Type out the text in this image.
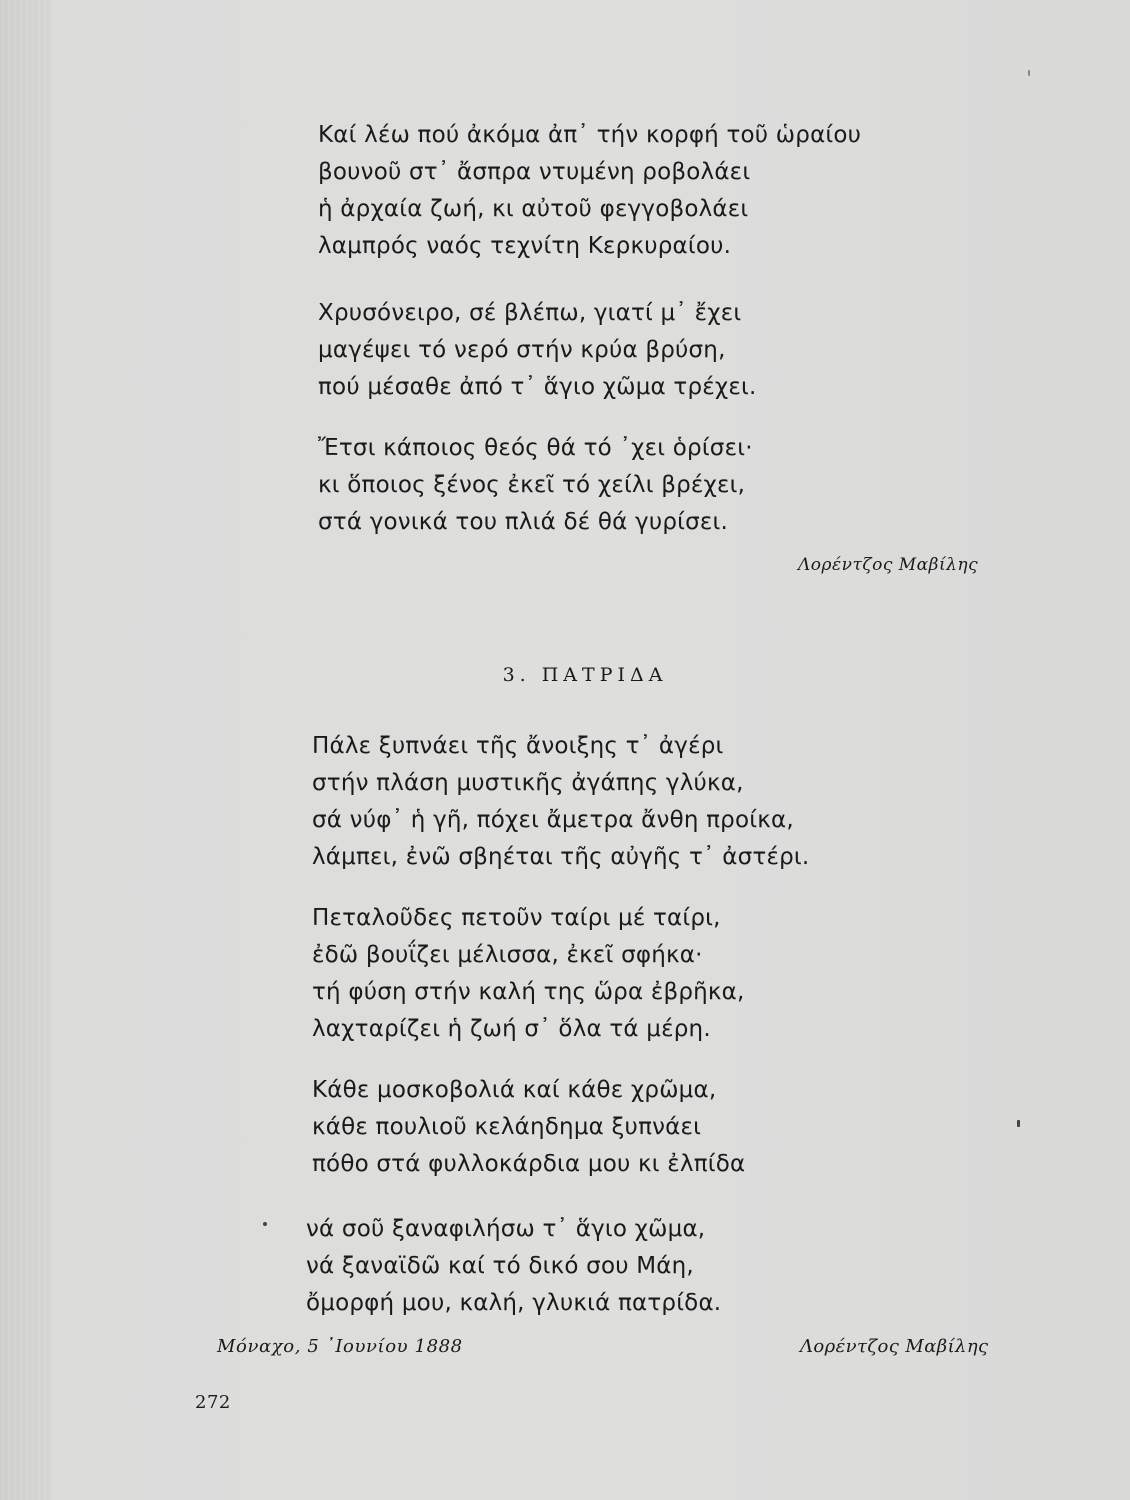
Καί λέω πού ἀκόμα ἀπ᾿ τήν κορφή τοῦ ὡραίου
βουνοῦ στ᾿ ἄσπρα ντυμένη ροβολάει
ἡ ἀρχαία ζωή, κι αὐτοῦ φεγγοβολάει
λαμπρός ναός τεχνίτη Κερκυραίου.
Χρυσόνειρο, σέ βλέπω, γιατί μ᾿ ἔχει
μαγέψει τό νερό στήν κρύα βρύση,
πού μέσαθε ἀπό τ᾿ ἅγιο χῶμα τρέχει.
Ἔτσι κάποιος θεός θά τό ᾿χει ὁρίσει·
κι ὅποιος ξένος ἐκεῖ τό χείλι βρέχει,
στά γονικά του πλιά δέ θά γυρίσει.
Λορέντζος Μαβίλης
3. ΠΑΤΡΙΔΑ
Πάλε ξυπνάει τῆς ἄνοιξης τ᾿ ἀγέρι
στήν πλάση μυστικῆς ἀγάπης γλύκα,
σά νύφ᾿ ἡ γῆ, πόχει ἄμετρα ἄνθη προίκα,
λάμπει, ἐνῶ σβηέται τῆς αὐγῆς τ᾿ ἀστέρι.
Πεταλοῦδες πετοῦν ταίρι μέ ταίρι,
ἐδῶ βουΐζει μέλισσα, ἐκεῖ σφήκα·
τή φύση στήν καλή της ὥρα ἐβρῆκα,
λαχταρίζει ἡ ζωή σ᾿ ὅλα τά μέρη.
Κάθε μοσκοβολιά καί κάθε χρῶμα,
κάθε πουλιοῦ κελάηδημα ξυπνάει
πόθο στά φυλλοκάρδια μου κι ἐλπίδα
νά σοῦ ξαναφιλήσω τ᾿ ἅγιο χῶμα,
νά ξαναϊδῶ καί τό δικό σου Μάη,
ὄμορφή μου, καλή, γλυκιά πατρίδα.
Μόναχο, 5 ᾿Ιουνίου 1888	Λορέντζος Μαβίλης
272
